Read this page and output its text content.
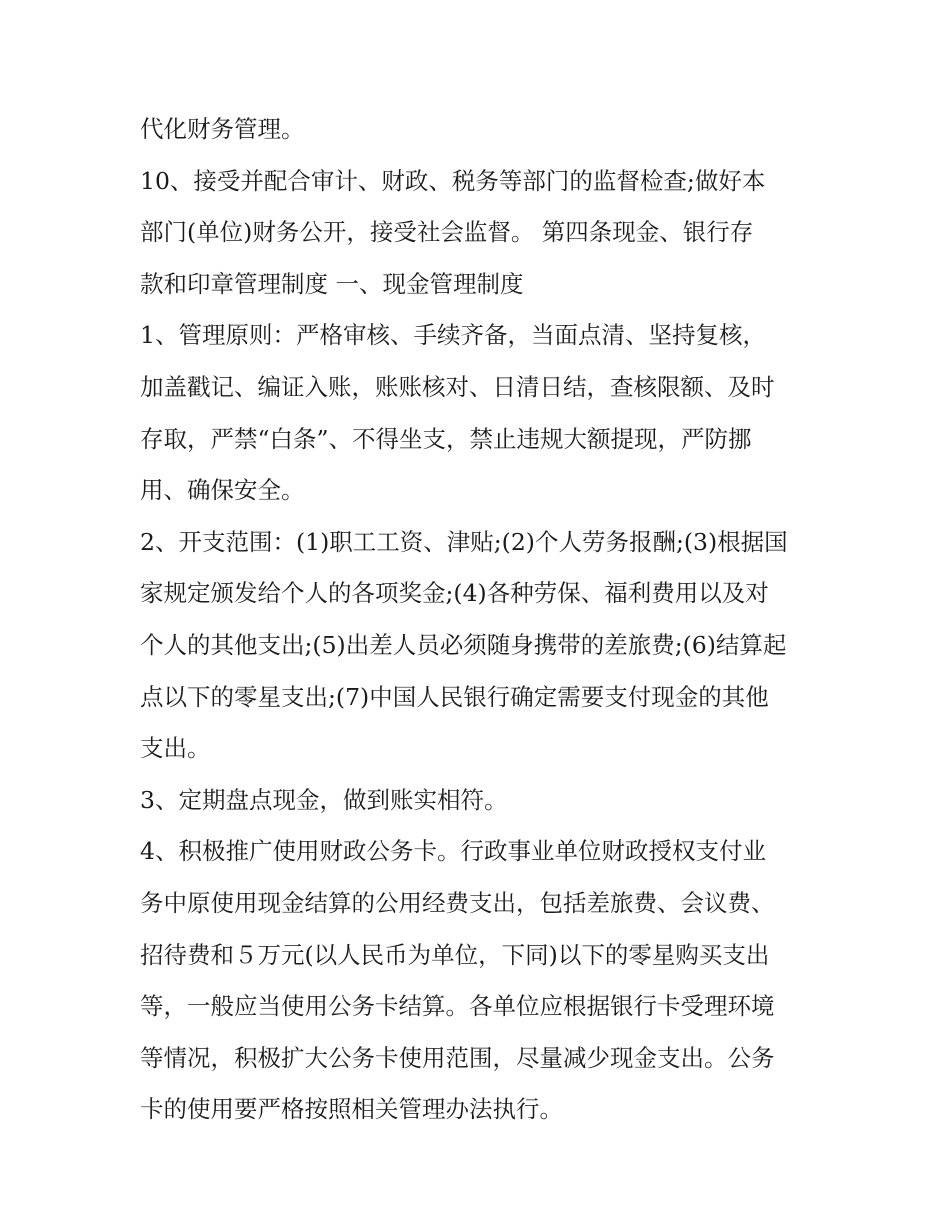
代化财务管理。
10、接受并配合审计、财政、税务等部门的监督检查;做好本
部门(单位)财务公开，接受社会监督。 第四条现金、银行存
款和印章管理制度 一、现金管理制度
1、管理原则：严格审核、手续齐备，当面点清、坚持复核，
加盖戳记、编证入账，账账核对、日清日结，查核限额、及时
存取，严禁“白条”、不得坐支，禁止违规大额提现，严防挪
用、确保安全。
2、开支范围：(1)职工工资、津贴;(2)个人劳务报酬;(3)根据国
家规定颁发给个人的各项奖金;(4)各种劳保、福利费用以及对
个人的其他支出;(5)出差人员必须随身携带的差旅费;(6)结算起
点以下的零星支出;(7)中国人民银行确定需要支付现金的其他
支出。
3、定期盘点现金，做到账实相符。
4、积极推广使用财政公务卡。行政事业单位财政授权支付业
务中原使用现金结算的公用经费支出，包括差旅费、会议费、
招待费和５万元(以人民币为单位，下同)以下的零星购买支出
等，一般应当使用公务卡结算。各单位应根据银行卡受理环境
等情况，积极扩大公务卡使用范围，尽量减少现金支出。公务
卡的使用要严格按照相关管理办法执行。
